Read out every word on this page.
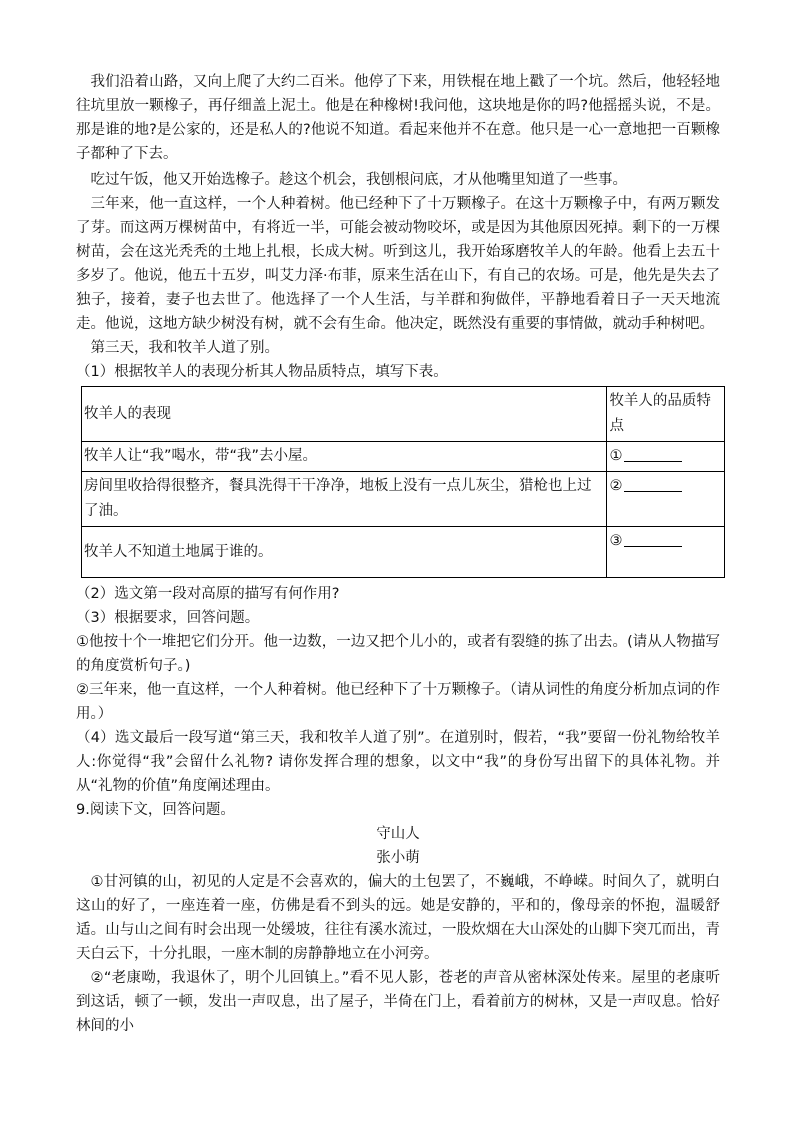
我们沿着山路，又向上爬了大约二百米。他停了下来，用铁棍在地上戳了一个坑。然后，他轻轻地往坑里放一颗橡子，再仔细盖上泥土。他是在种橡树!我问他，这块地是你的吗?他摇摇头说，不是。那是谁的地?是公家的，还是私人的?他说不知道。看起来他并不在意。他只是一心一意地把一百颗橡子都种了下去。

吃过午饭，他又开始选橡子。趁这个机会，我刨根问底，才从他嘴里知道了一些事。

三年来，他一直这样，一个人种着树。他已经种下了十万颗橡子。在这十万颗橡子中，有两万颗发了芽。而这两万棵树苗中，有将近一半，可能会被动物咬坏，或是因为其他原因死掉。剩下的一万棵树苗，会在这光秃秃的土地上扎根，长成大树。听到这儿，我开始琢磨牧羊人的年龄。他看上去五十多岁了。他说，他五十五岁，叫艾力泽·布菲，原来生活在山下，有自己的农场。可是，他先是失去了独子，接着，妻子也去世了。他选择了一个人生活，与羊群和狗做伴，平静地看着日子一天天地流走。他说，这地方缺少树没有树，就不会有生命。他决定，既然没有重要的事情做，就动手种树吧。

第三天，我和牧羊人道了别。

（1）根据牧羊人的表现分析其人物品质特点，填写下表。

牧羊人的表现	牧羊人的品质特点
牧羊人让“我”喝水，带“我”去小屋。	①
房间里收拾得很整齐，餐具洗得干干净净，地板上没有一点儿灰尘，猎枪也上过了油。	②
牧羊人不知道土地属于谁的。	③

（2）选文第一段对高原的描写有何作用?

（3）根据要求，回答问题。

①他按十个一堆把它们分开。他一边数，一边又把个儿小的，或者有裂缝的拣了出去。(请从人物描写的角度赏析句子。)

②三年来，他一直这样，一个人种着树。他已经种下了十万颗橡子。（请从词性的角度分析加点词的作用。）

（4）选文最后一段写道“第三天，我和牧羊人道了别”。在道别时，假若，“我”要留一份礼物给牧羊人:你觉得“我”会留什么礼物? 请你发挥合理的想象，以文中“我”的身份写出留下的具体礼物。并从“礼物的价值”角度阐述理由。

9.阅读下文，回答问题。

守山人

张小萌

①甘河镇的山，初见的人定是不会喜欢的，偏大的土包罢了，不巍峨，不峥嵘。时间久了，就明白这山的好了，一座连着一座，仿佛是看不到头的远。她是安静的，平和的，像母亲的怀抱，温暖舒适。山与山之间有时会出现一处缓坡，往往有溪水流过，一股炊烟在大山深处的山脚下突兀而出，青天白云下，十分扎眼，一座木制的房静静地立在小河旁。

②“老康呦，我退休了，明个儿回镇上。”看不见人影，苍老的声音从密林深处传来。屋里的老康听到这话，顿了一顿，发出一声叹息，出了屋子，半倚在门上，看着前方的树林，又是一声叹息。恰好林间的小
